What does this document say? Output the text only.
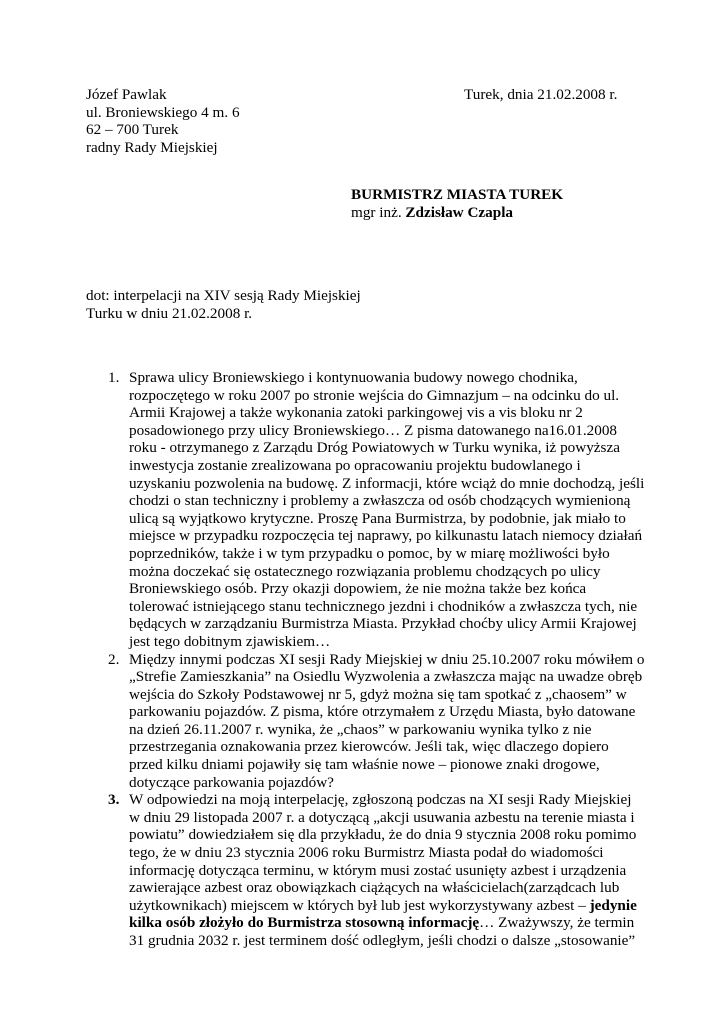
Józef Pawlak
ul. Broniewskiego 4 m. 6
62 – 700 Turek
radny Rady Miejskiej
Turek, dnia 21.02.2008 r.
BURMISTRZ MIASTA TUREK
mgr inż. Zdzisław Czapla
dot: interpelacji na XIV sesją Rady Miejskiej
Turku w dniu 21.02.2008 r.
1. Sprawa ulicy Broniewskiego i kontynuowania budowy nowego chodnika, rozpoczętego w roku 2007 po stronie wejścia do Gimnazjum – na odcinku do ul. Armii Krajowej a także wykonania zatoki parkingowej vis a vis bloku nr 2 posadowionego przy ulicy Broniewskiego… Z pisma datowanego na16.01.2008 roku - otrzymanego z Zarządu Dróg Powiatowych w Turku wynika, iż powyższa inwestycja zostanie zrealizowana po opracowaniu projektu budowlanego i uzyskaniu pozwolenia na budowę. Z informacji, które wciąż do mnie dochodzą, jeśli chodzi o stan techniczny i problemy a zwłaszcza od osób chodzących wymienioną ulicą są wyjątkowo krytyczne. Proszę Pana Burmistrza, by podobnie, jak miało to miejsce w przypadku rozpoczęcia tej naprawy, po kilkunastu latach niemocy działań poprzedników, także i w tym przypadku o pomoc, by w miarę możliwości było można doczekać się ostatecznego rozwiązania problemu chodzących po ulicy Broniewskiego osób. Przy okazji dopowiem, że nie można także bez końca tolerować istniejącego stanu technicznego jezdni i chodników a zwłaszcza tych, nie będących w zarządzaniu Burmistrza Miasta. Przykład choćby ulicy Armii Krajowej jest tego dobitnym zjawiskiem…
2. Między innymi podczas XI sesji Rady Miejskiej w dniu 25.10.2007 roku mówiłem o „Strefie Zamieszkania” na Osiedlu Wyzwolenia a zwłaszcza mając na uwadze obręb wejścia do Szkoły Podstawowej nr 5, gdyż można się tam spotkać z „chaosem” w parkowaniu pojazdów. Z pisma, które otrzymałem z Urzędu Miasta, było datowane na dzień 26.11.2007 r. wynika, że „chaos” w parkowaniu wynika tylko z nie przestrzegania oznakowania przez kierowców. Jeśli tak, więc dlaczego dopiero przed kilku dniami pojawiły się tam właśnie nowe – pionowe znaki drogowe, dotyczące parkowania pojazdów?
3. W odpowiedzi na moją interpelację, zgłoszoną podczas na XI sesji Rady Miejskiej w dniu 29 listopada 2007 r. a dotyczącą „akcji usuwania azbestu na terenie miasta i powiatu” dowiedziałem się dla przykładu, że do dnia 9 stycznia 2008 roku pomimo tego, że w dniu 23 stycznia 2006 roku Burmistrz Miasta podał do wiadomości informację dotycząca terminu, w którym musi zostać usunięty azbest i urządzenia zawierające azbest oraz obowiązkach ciążących na właścicielach(zarządcach lub użytkownikach) miejscem w których był lub jest wykorzystywany azbest – jedynie kilka osób złożyło do Burmistrza stosowną informację… Zważywszy, że termin 31 grudnia 2032 r. jest terminem dość odległym, jeśli chodzi o dalsze „stosowanie”
